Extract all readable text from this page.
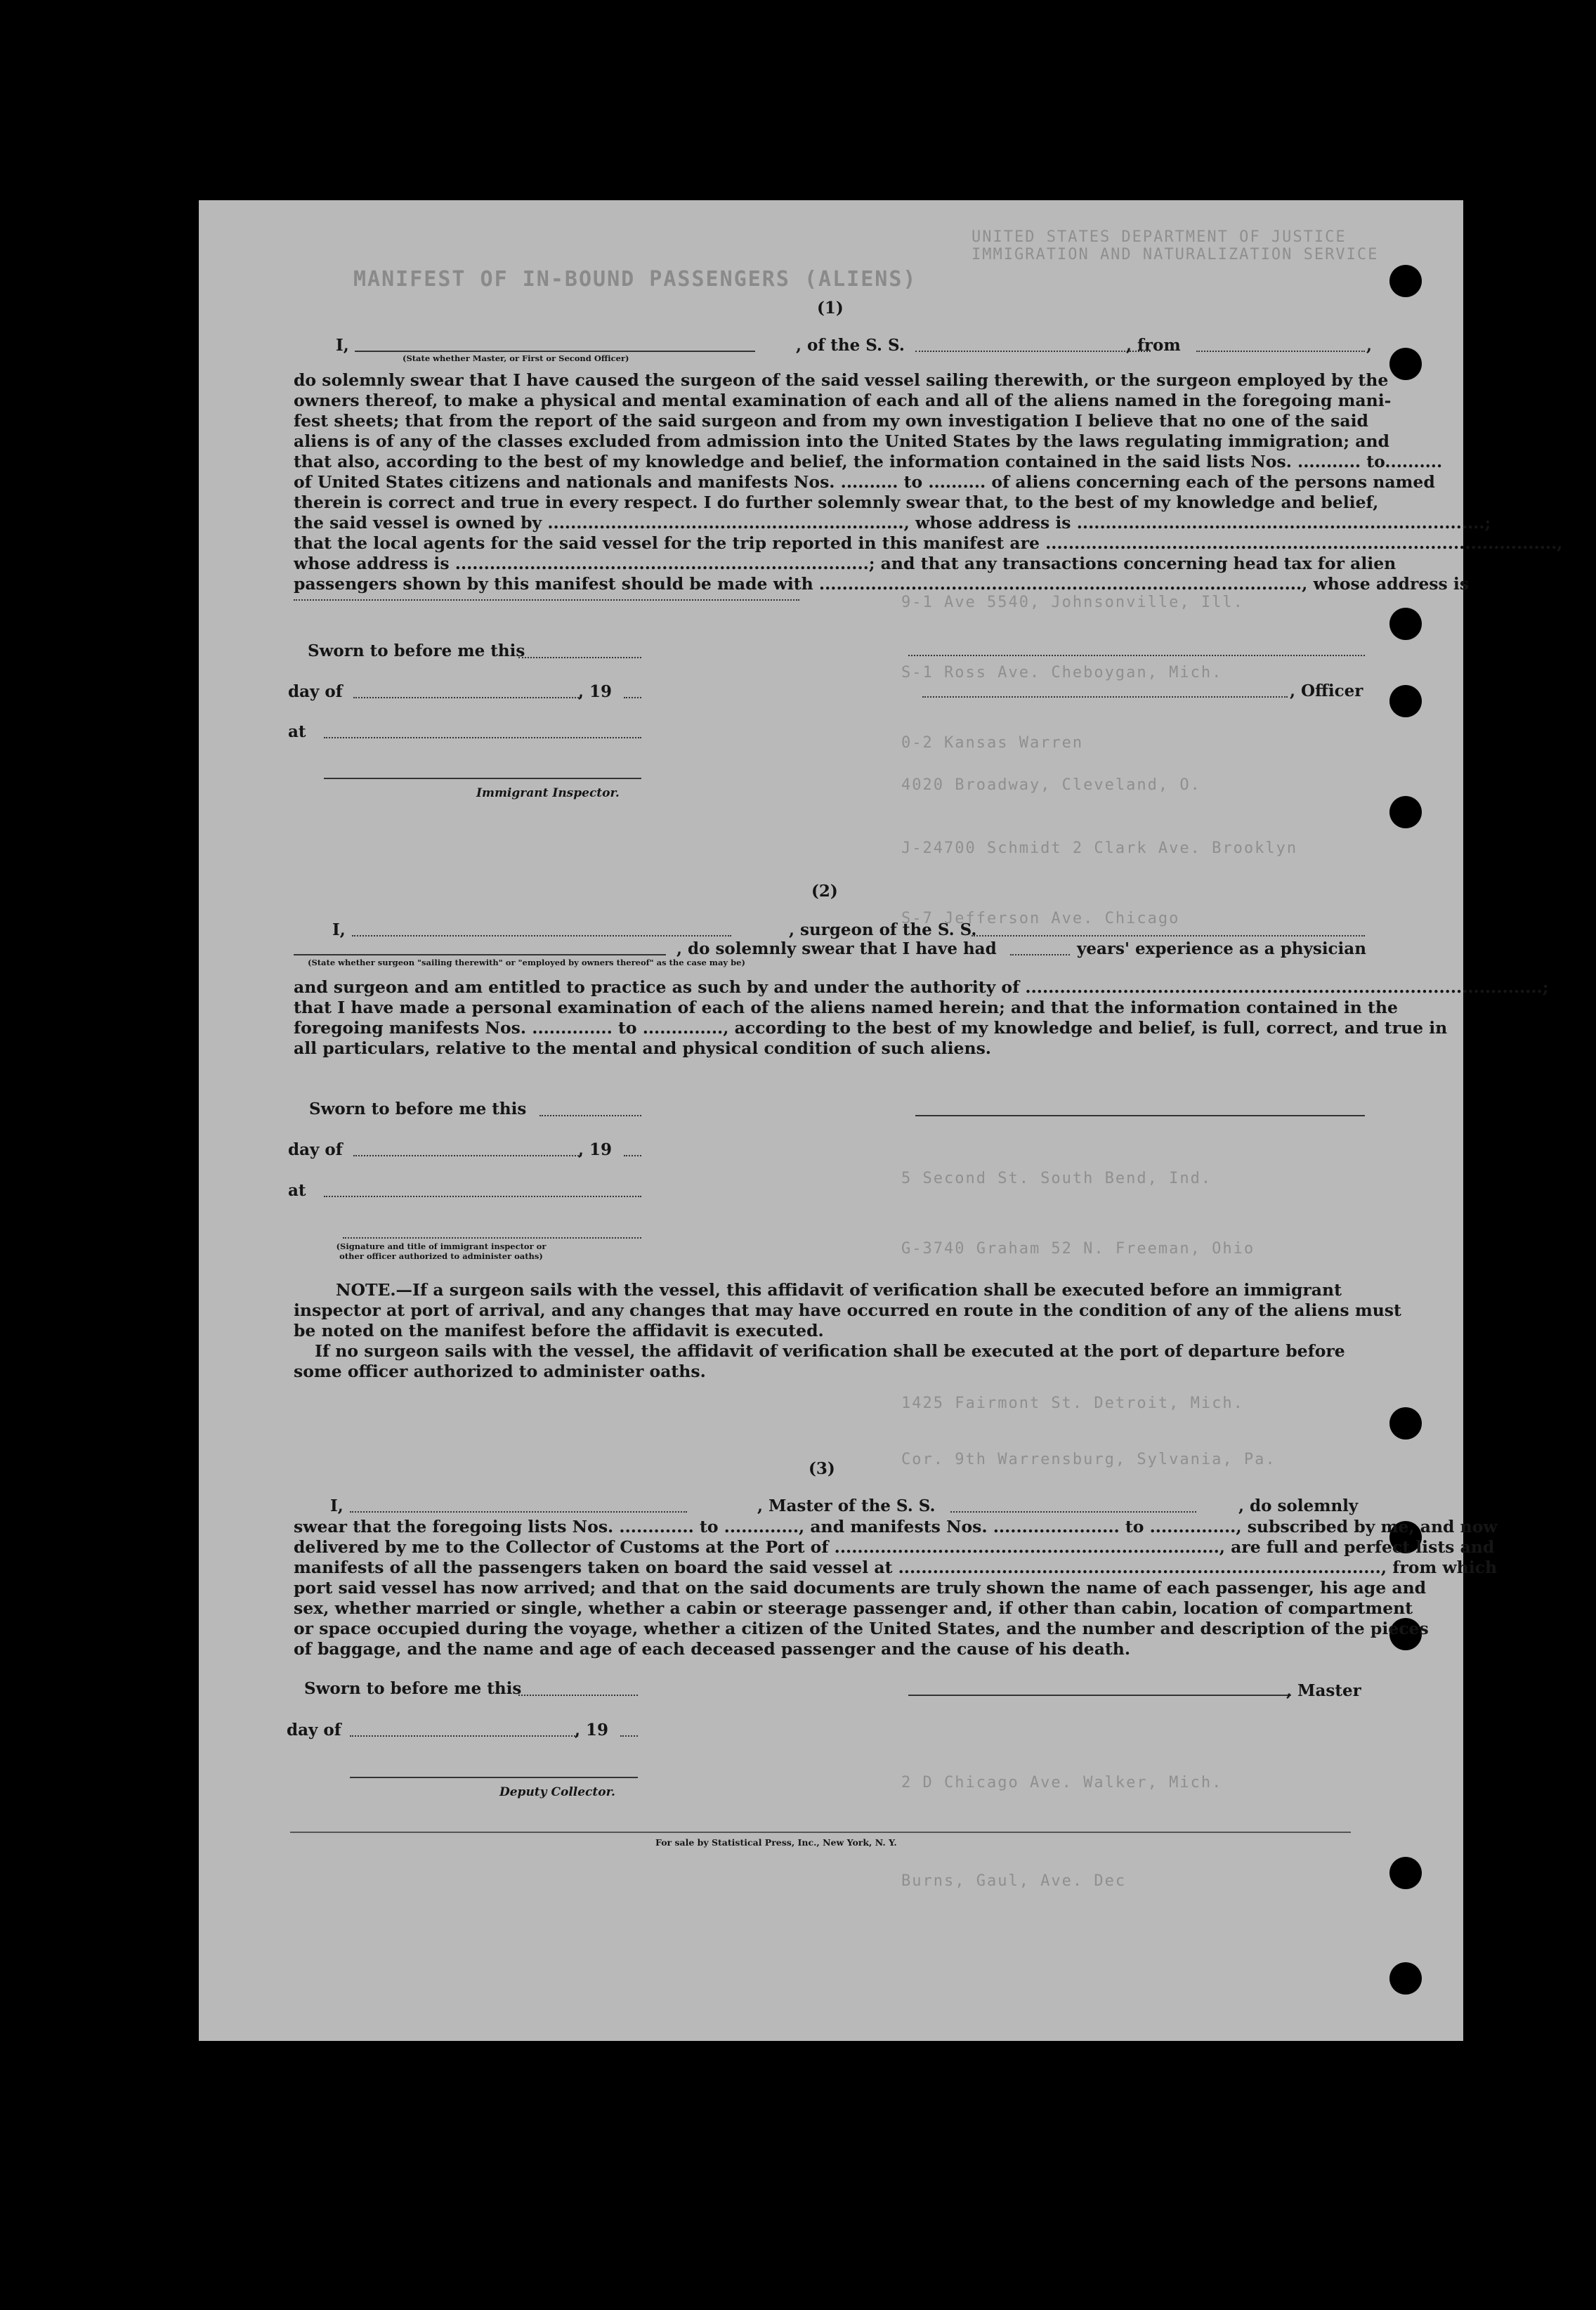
MANIFEST OF IN-BOUND PASSENGERS (ALIENS)
UNITED STATES DEPARTMENT OF JUSTICE
IMMIGRATION AND NATURALIZATION SERVICE
9-1 Ave 5540, Johnsonville, Ill.
S-1 Ross Ave. Cheboygan, Mich.
0-2 Kansas Warren
4020 Broadway, Cleveland, O.
J-24700 Schmidt 2 Clark Ave. Brooklyn
S-7 Jefferson Ave. Chicago
5 Second St. South Bend, Ind.
G-3740 Graham 52 N. Freeman, Ohio
1425 Fairmont St. Detroit, Mich.
Cor. 9th Warrensburg, Sylvania, Pa.
2 D Chicago Ave. Walker, Mich.
Burns, Gaul, Ave. Dec
(1)
I,
(State whether Master, or First or Second Officer)
, of the S. S.	, from	,
do solemnly swear that I have caused the surgeon of the said vessel sailing therewith, or the surgeon employed by the
owners thereof, to make a physical and mental examination of each and all of the aliens named in the foregoing mani-
fest sheets; that from the report of the said surgeon and from my own investigation I believe that no one of the said
aliens is of any of the classes excluded from admission into the United States by the laws regulating immigration; and
that also, according to the best of my knowledge and belief, the information contained in the said lists Nos. ........... to..........
of United States citizens and nationals and manifests Nos. .......... to .......... of aliens concerning each of the persons named
therein is correct and true in every respect. I do further solemnly swear that, to the best of my knowledge and belief,
the said vessel is owned by .............................................................., whose address is .......................................................................;
that the local agents for the said vessel for the trip reported in this manifest are .........................................................................................,
whose address is ........................................................................; and that any transactions concerning head tax for alien
passengers shown by this manifest should be made with ...................................................................................., whose address is
Sworn to before me this
day of	, 19
at
Immigrant Inspector.
, Officer
(2)
I,	, surgeon of the S. S.
, do solemnly swear that I have had	years' experience as a physician
(State whether surgeon "sailing therewith" or "employed by owners thereof" as the case may be)
and surgeon and am entitled to practice as such by and under the authority of ..........................................................................................;
that I have made a personal examination of each of the aliens named herein; and that the information contained in the
foregoing manifests Nos. .............. to .............., according to the best of my knowledge and belief, is full, correct, and true in
all particulars, relative to the mental and physical condition of such aliens.
Sworn to before me this
day of	, 19
at
(Signature and title of immigrant inspector or
other officer authorized to administer oaths)
NOTE.—If a surgeon sails with the vessel, this affidavit of verification shall be executed before an immigrant
inspector at port of arrival, and any changes that may have occurred en route in the condition of any of the aliens must
be noted on the manifest before the affidavit is executed.
If no surgeon sails with the vessel, the affidavit of verification shall be executed at the port of departure before
some officer authorized to administer oaths.
(3)
I,	, Master of the S. S.	, do solemnly
swear that the foregoing lists Nos. ............. to ............., and manifests Nos. ...................... to ..............., subscribed by me, and now
delivered by me to the Collector of Customs at the Port of ..................................................................., are full and perfect lists and
manifests of all the passengers taken on board the said vessel at ...................................................................................., from which
port said vessel has now arrived; and that on the said documents are truly shown the name of each passenger, his age and
sex, whether married or single, whether a cabin or steerage passenger and, if other than cabin, location of compartment
or space occupied during the voyage, whether a citizen of the United States, and the number and description of the pieces
of baggage, and the name and age of each deceased passenger and the cause of his death.
Sworn to before me this	, Master
day of	, 19
Deputy Collector.
For sale by Statistical Press, Inc., New York, N. Y.
